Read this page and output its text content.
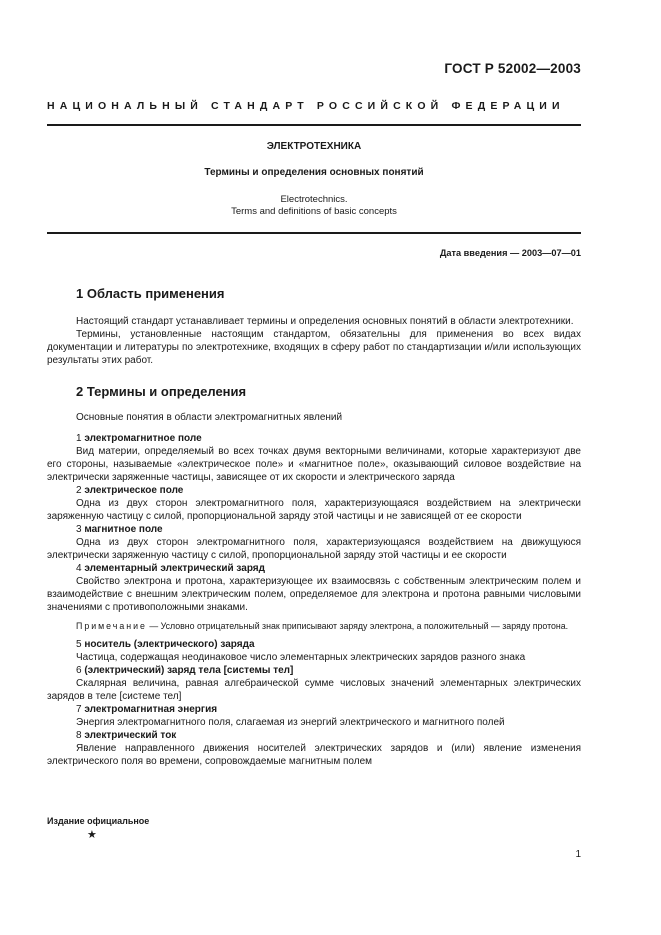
ГОСТ Р 52002—2003
НАЦИОНАЛЬНЫЙ СТАНДАРТ РОССИЙСКОЙ ФЕДЕРАЦИИ
ЭЛЕКТРОТЕХНИКА
Термины и определения основных понятий
Electrotechnics.
Terms and definitions of basic concepts
Дата введения — 2003—07—01
1 Область применения

Настоящий стандарт устанавливает термины и определения основных понятий в области электротехники.

Термины, установленные настоящим стандартом, обязательны для применения во всех видах документации и литературы по электротехнике, входящих в сферу работ по стандартизации и/или использующих результаты этих работ.

2 Термины и определения

Основные понятия в области электромагнитных явлений

1 электромагнитное поле

Вид материи, определяемый во всех точках двумя векторными величинами, которые характеризуют две его стороны, называемые «электрическое поле» и «магнитное поле», оказывающий силовое воздействие на электрически заряженные частицы, зависящее от их скорости и электрического заряда

2 электрическое поле

Одна из двух сторон электромагнитного поля, характеризующаяся воздействием на электрически заряженную частицу с силой, пропорциональной заряду этой частицы и не зависящей от ее скорости

3 магнитное поле

Одна из двух сторон электромагнитного поля, характеризующаяся воздействием на движущуюся электрически заряженную частицу с силой, пропорциональной заряду этой частицы и ее скорости

4 элементарный электрический заряд

Свойство электрона и протона, характеризующее их взаимосвязь с собственным электрическим полем и взаимодействие с внешним электрическим полем, определяемое для электрона и протона равными числовыми значениями с противоположными знаками.

Примечание — Условно отрицательный знак приписывают заряду электрона, а положительный — заряду протона.

5 носитель (электрического) заряда

Частица, содержащая неодинаковое число элементарных электрических зарядов разного знака

6 (электрический) заряд тела [системы тел]

Скалярная величина, равная алгебраической сумме числовых значений элементарных электрических зарядов в теле [системе тел]

7 электромагнитная энергия

Энергия электромагнитного поля, слагаемая из энергий электрического и магнитного полей

8 электрический ток

Явление направленного движения носителей электрических зарядов и (или) явление изменения электрического поля во времени, сопровождаемые магнитным полем

Издание официальное
★
1
